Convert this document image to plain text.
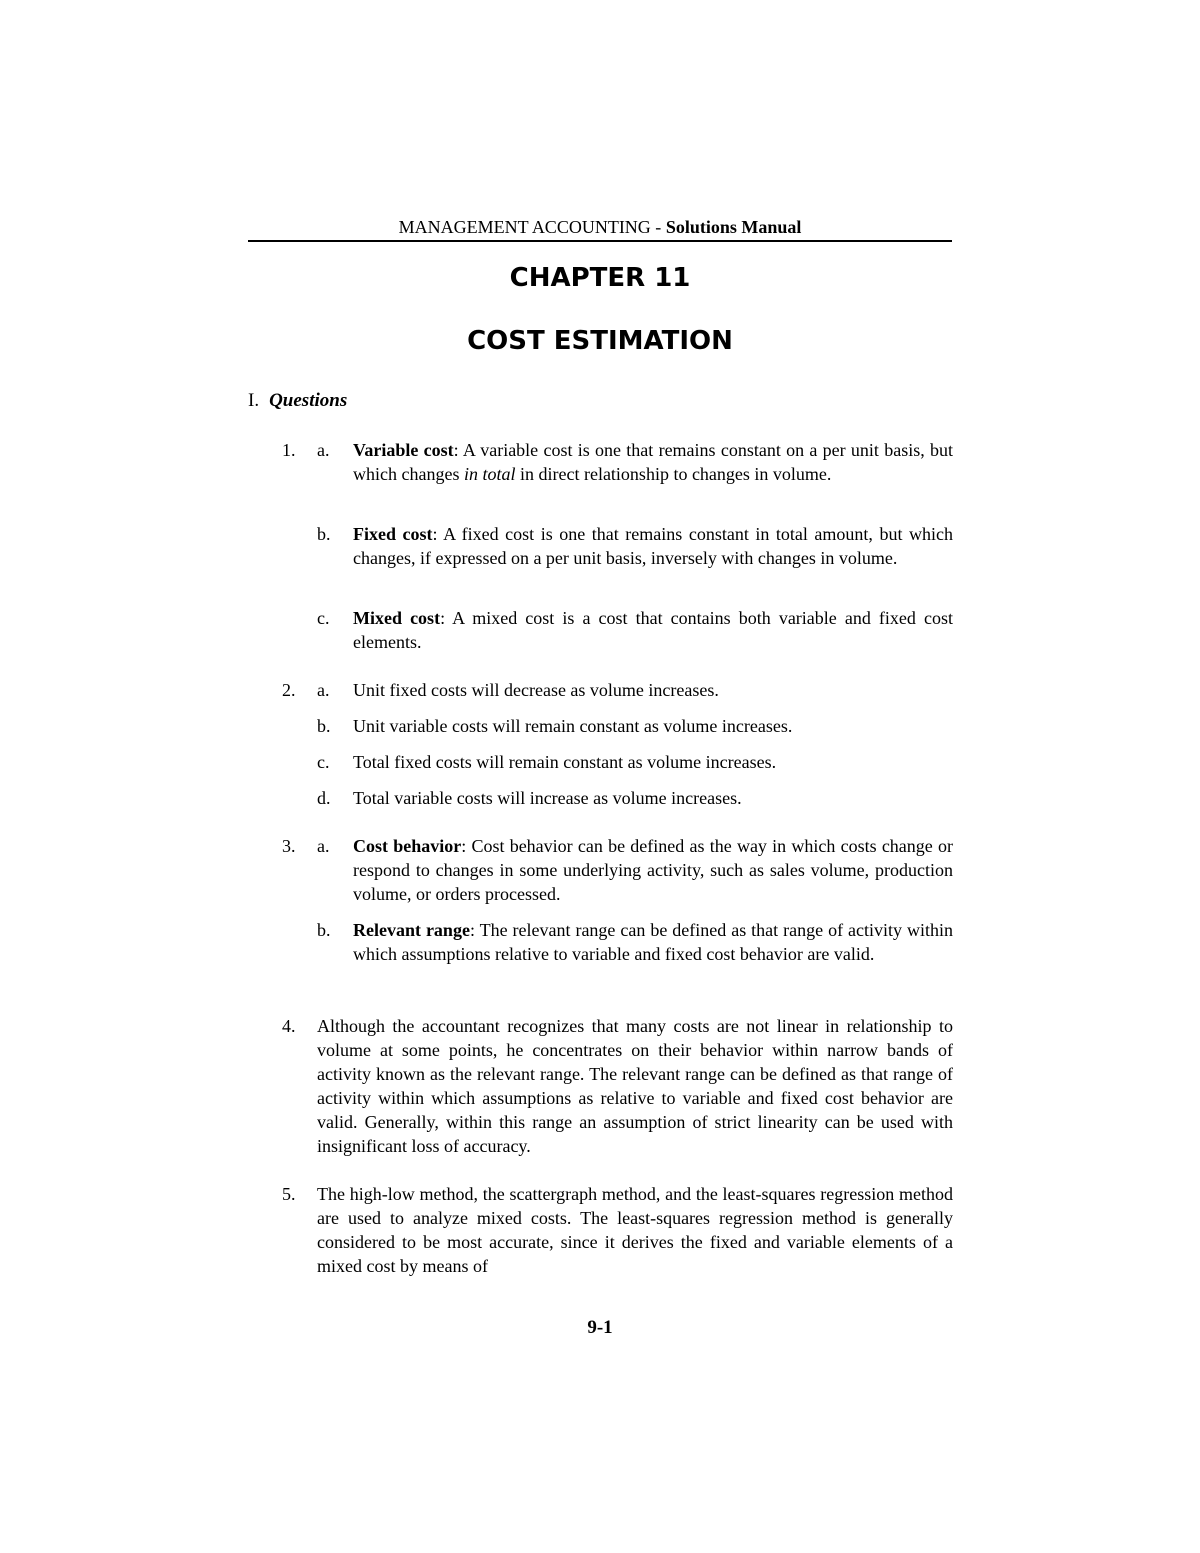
MANAGEMENT ACCOUNTING - Solutions Manual
CHAPTER 11
COST ESTIMATION
I. Questions
1.	a.	Variable cost: A variable cost is one that remains constant on a per unit basis, but which changes in total in direct relationship to changes in volume.
b.	Fixed cost: A fixed cost is one that remains constant in total amount, but which changes, if expressed on a per unit basis, inversely with changes in volume.
c.	Mixed cost: A mixed cost is a cost that contains both variable and fixed cost elements.
2.	a.	Unit fixed costs will decrease as volume increases.
b.	Unit variable costs will remain constant as volume increases.
c.	Total fixed costs will remain constant as volume increases.
d.	Total variable costs will increase as volume increases.
3.	a.	Cost behavior: Cost behavior can be defined as the way in which costs change or respond to changes in some underlying activity, such as sales volume, production volume, or orders processed.
b.	Relevant range: The relevant range can be defined as that range of activity within which assumptions relative to variable and fixed cost behavior are valid.
4.	Although the accountant recognizes that many costs are not linear in relationship to volume at some points, he concentrates on their behavior within narrow bands of activity known as the relevant range. The relevant range can be defined as that range of activity within which assumptions as relative to variable and fixed cost behavior are valid. Generally, within this range an assumption of strict linearity can be used with insignificant loss of accuracy.
5.	The high-low method, the scattergraph method, and the least-squares regression method are used to analyze mixed costs. The least-squares regression method is generally considered to be most accurate, since it derives the fixed and variable elements of a mixed cost by means of
9-1
